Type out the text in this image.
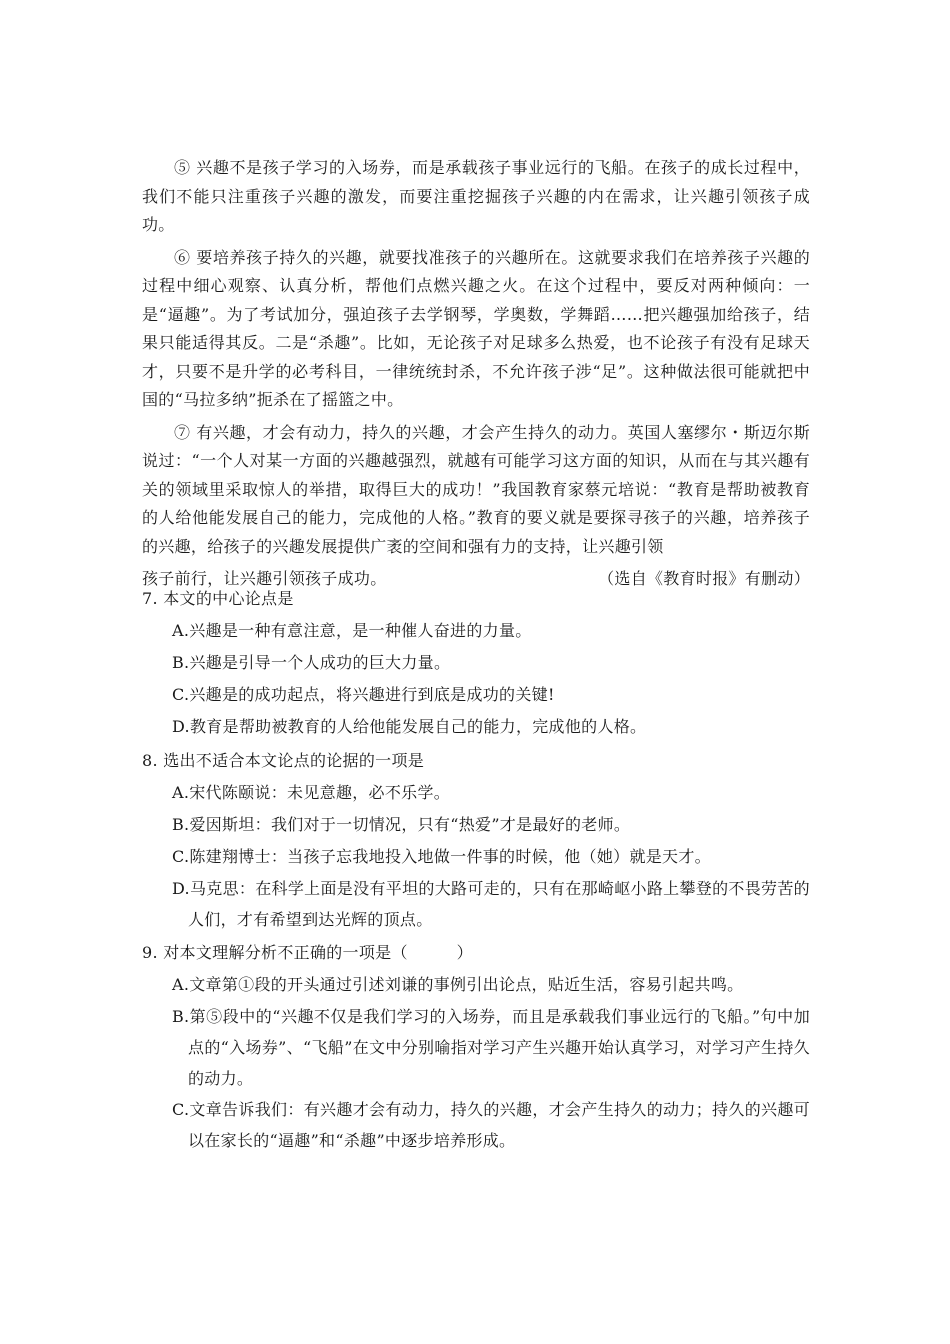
⑤ 兴趣不是孩子学习的入场券，而是承载孩子事业远行的飞船。在孩子的成长过程中，我们不能只注重孩子兴趣的激发，而要注重挖掘孩子兴趣的内在需求，让兴趣引领孩子成功。

⑥ 要培养孩子持久的兴趣，就要找准孩子的兴趣所在。这就要求我们在培养孩子兴趣的过程中细心观察、认真分析，帮他们点燃兴趣之火。在这个过程中，要反对两种倾向：一是“逼趣”。为了考试加分，强迫孩子去学钢琴，学奥数，学舞蹈……把兴趣强加给孩子，结果只能适得其反。二是“杀趣”。比如，无论孩子对足球多么热爱，也不论孩子有没有足球天才，只要不是升学的必考科目，一律统统封杀，不允许孩子涉“足”。这种做法很可能就把中国的“马拉多纳”扼杀在了摇篮之中。

⑦ 有兴趣，才会有动力，持久的兴趣，才会产生持久的动力。英国人塞缪尔・斯迈尔斯说过：“一个人对某一方面的兴趣越强烈，就越有可能学习这方面的知识，从而在与其兴趣有关的领域里采取惊人的举措，取得巨大的成功！”我国教育家蔡元培说：“教育是帮助被教育的人给他能发展自己的能力，完成他的人格。”教育的要义就是要探寻孩子的兴趣，培养孩子的兴趣，给孩子的兴趣发展提供广袤的空间和强有力的支持，让兴趣引领

孩子前行，让兴趣引领孩子成功。	（选自《教育时报》有删动）
7. 本文的中心论点是
A.兴趣是一种有意注意，是一种催人奋进的力量。
B.兴趣是引导一个人成功的巨大力量。
C.兴趣是的成功起点，将兴趣进行到底是成功的关键!
D.教育是帮助被教育的人给他能发展自己的能力，完成他的人格。
8. 选出不适合本文论点的论据的一项是
A.宋代陈颐说：未见意趣，必不乐学。
B.爱因斯坦：我们对于一切情况，只有“热爱”才是最好的老师。
C.陈建翔博士：当孩子忘我地投入地做一件事的时候，他（她）就是天才。
D.马克思：在科学上面是没有平坦的大路可走的，只有在那崎岖小路上攀登的不畏劳苦的人们，才有希望到达光辉的顶点。
9. 对本文理解分析不正确的一项是（　　　）
A.文章第①段的开头通过引述刘谦的事例引出论点，贴近生活，容易引起共鸣。
B.第⑤段中的“兴趣不仅是我们学习的入场券，而且是承载我们事业远行的飞船。”句中加点的“入场券”、“飞船”在文中分别喻指对学习产生兴趣开始认真学习，对学习产生持久的动力。
C.文章告诉我们：有兴趣才会有动力，持久的兴趣，才会产生持久的动力；持久的兴趣可以在家长的“逼趣”和“杀趣”中逐步培养形成。
